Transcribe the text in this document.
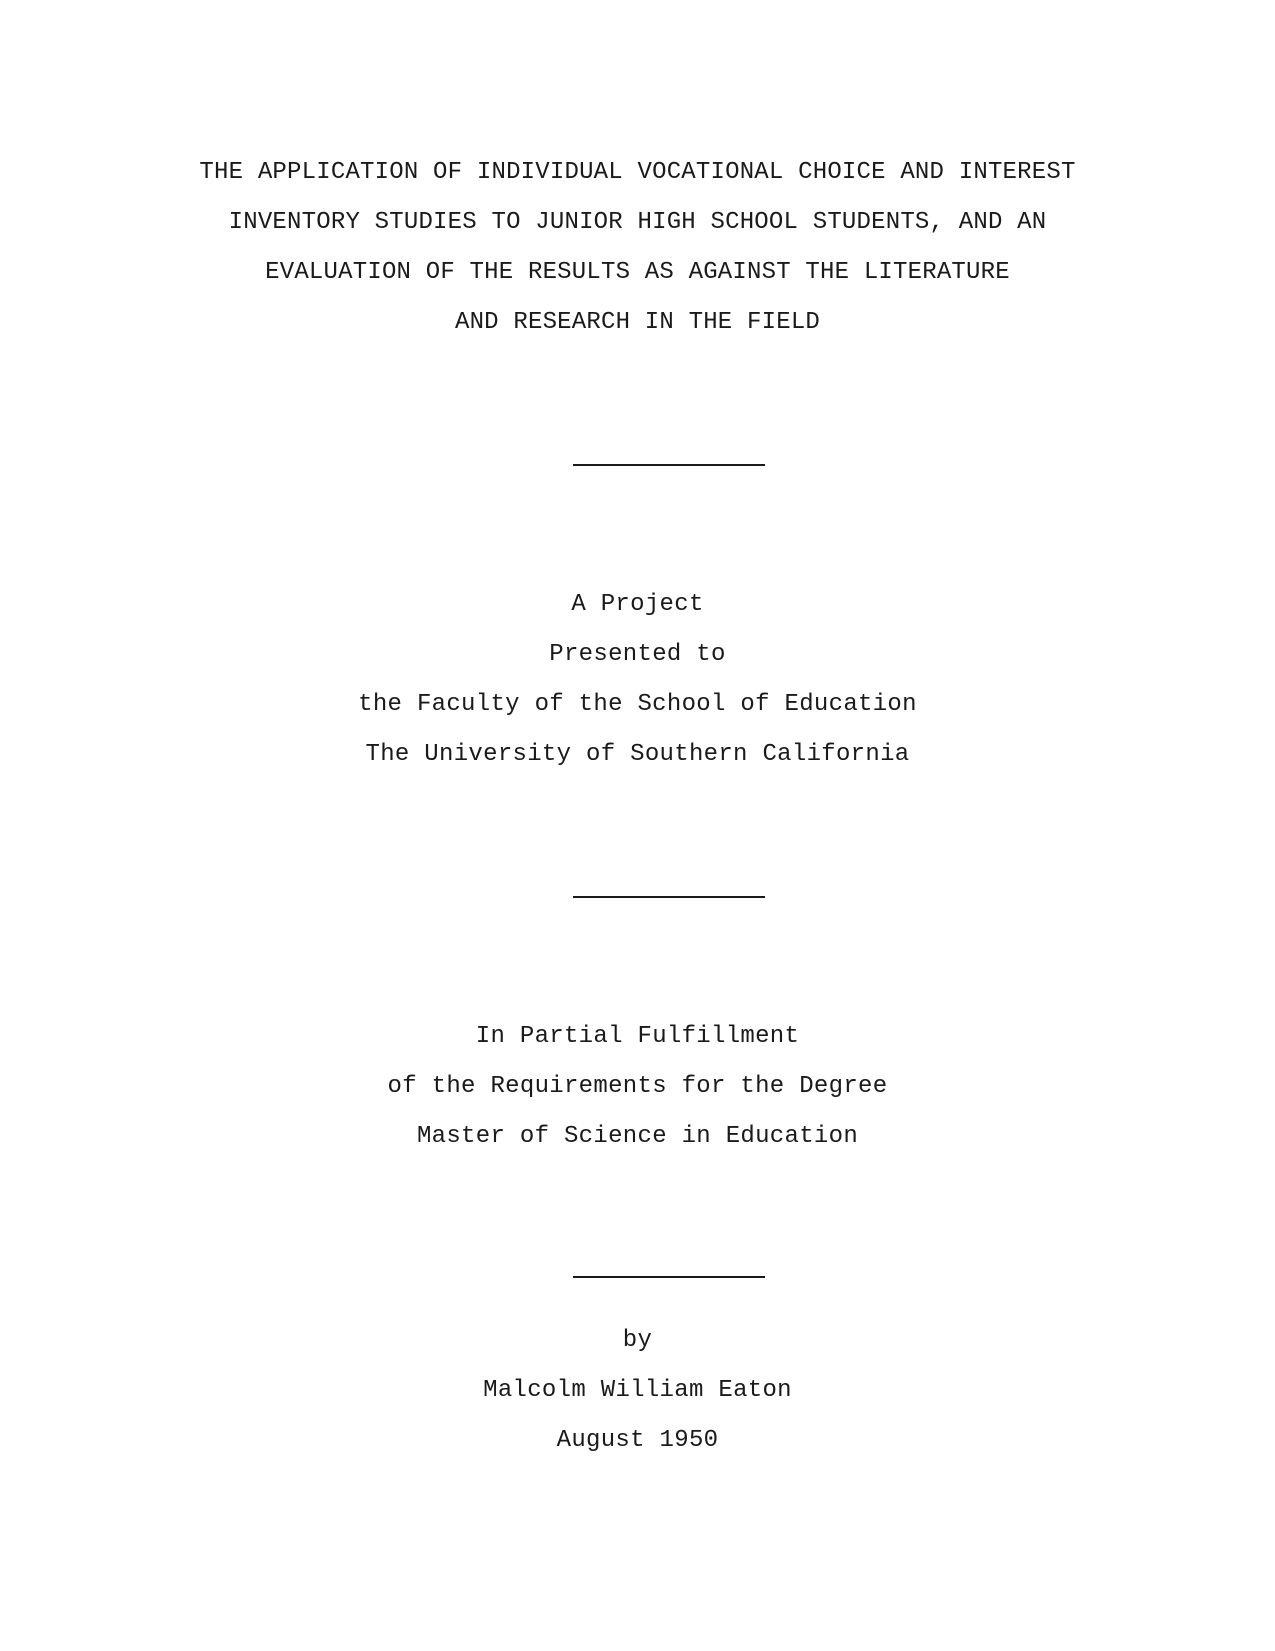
THE APPLICATION OF INDIVIDUAL VOCATIONAL CHOICE AND INTEREST
INVENTORY STUDIES TO JUNIOR HIGH SCHOOL STUDENTS, AND AN
EVALUATION OF THE RESULTS AS AGAINST THE LITERATURE
AND RESEARCH IN THE FIELD
A Project
Presented to
the Faculty of the School of Education
The University of Southern California
In Partial Fulfillment
of the Requirements for the Degree
Master of Science in Education
by
Malcolm William Eaton
August 1950
